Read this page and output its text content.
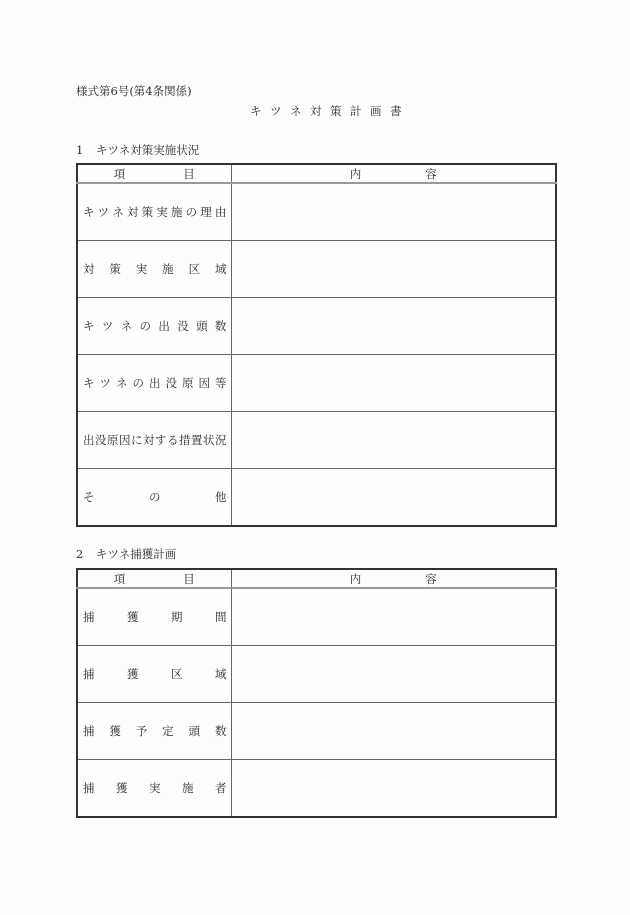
様式第6号(第4条関係)
キ ツ ネ 対 策 計 画 書
1 キツネ対策実施状況
項 目	内 容

キ ツ ネ 対 策 実 施 の 理 由

対 策 実 施 区 域

キ ツ ネ の 出 没 頭 数

キ ツ ネ の 出 没 原 因 等

出 没 原 因 に 対 す る 措 置 状 況

そ の 他	

2 キツネ捕獲計画
項 目	内 容

捕 獲 期 間	

捕 獲 区 域	

捕 獲 予 定 頭 数

捕 獲 実 施 者	
